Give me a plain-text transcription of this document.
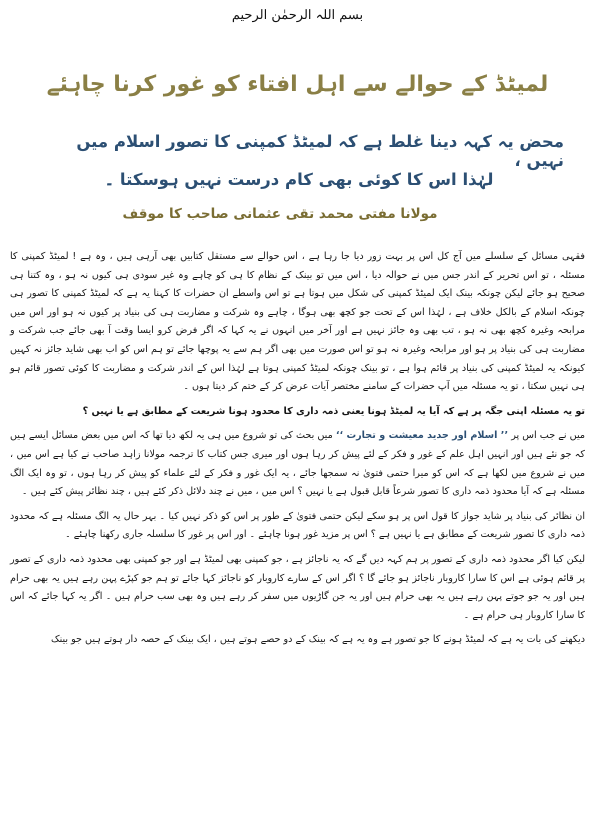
بسم اللہ الرحمٰن الرحیم
لمیٹڈ کے حوالے سے اہل افتاء کو غور کرنا چاہئے
محض یہ کہہ دینا غلط ہے کہ لمیٹڈ کمپنی کا تصور اسلام میں نہیں ،
لہٰذا اس کا کوئی بھی کام درست نہیں ہوسکتا ۔
مولانا مفتی محمد تقی عثمانی صاحب کا موقف

فقہی مسائل کے سلسلے میں آج کل اس پر بہت زور دیا جا رہا ہے ، اس حوالے سے مستقل کتابیں بھی آرہی ہیں ، وہ ہے ! لمیٹڈ کمپنی کا مسئلہ ، تو اس تحریر کے اندر جس میں نے حوالہ دیا ، اس میں تو بینک کے نظام کا ہی کو چاہے وہ غیر سودی ہی کیوں نہ ہو ، وہ کتنا ہی صحیح ہو جائے لیکن چونکہ بینک ایک لمیٹڈ کمپنی کی شکل میں ہوتا ہے تو اس واسطے ان حضرات کا کہنا یہ ہے کہ لمیٹڈ کمپنی کا تصور ہی چونکہ اسلام کے بالکل خلاف ہے ، لہٰذا اس کے تحت جو کچھ بھی ہوگا ، چاہے وہ شرکت و مضاربت ہی کی بنیاد پر کیوں نہ ہو اور اس میں مرابحہ وغیرہ کچھ بھی نہ ہو ، تب بھی وہ جائز نہیں ہے اور آخر میں انہوں نے یہ کہا کہ اگر فرض کرو ایسا وقت آ بھی جائے جب شرکت و مضاربت ہی کی بنیاد پر ہو اور مرابحہ وغیرہ نہ ہو تو اس صورت میں بھی اگر ہم سے یہ پوچھا جائے تو ہم اس کو اب بھی شاید جائز نہ کہیں کیونکہ یہ لمیٹڈ کمپنی کی بنیاد پر قائم ہوا ہے ، تو بینک چونکہ لمیٹڈ کمپنی ہوتا ہے لہٰذا اس کے اندر شرکت و مضاربت کا کوئی تصور قائم ہو ہی نہیں سکتا ، تو یہ مسئلہ میں آپ حضرات کے سامنے مختصر آیات عرض کر کے ختم کر دیتا ہوں ۔

تو یہ مسئلہ اپنی جگہ پر ہے کہ آیا یہ لمیٹڈ ہونا یعنی ذمہ داری کا محدود ہونا شریعت کے مطابق ہے یا نہیں ؟

میں نے جب اس پر ’’ اسلام اور جدید معیشت و تجارت ‘‘ میں بحث کی تو شروع میں ہی یہ لکھ دیا تھا کہ اس میں بعض مسائل ایسے ہیں کہ جو نئے ہیں اور انہیں اہل علم کے غور و فکر کے لئے پیش کر رہا ہوں اور میری جس کتاب کا ترجمہ مولانا زاہد صاحب نے کیا ہے اس میں ، میں نے شروع میں لکھا ہے کہ اس کو میرا حتمی فتویٰ نہ سمجھا جائے ، یہ ایک غور و فکر کے لئے علماء کو پیش کر رہا ہوں ، تو وہ ایک الگ مسئلہ ہے کہ آیا محدود ذمہ داری کا تصور شرعاً قابل قبول ہے یا نہیں ؟ اس میں ، میں نے چند دلائل ذکر کئے ہیں ، چند نظائر پیش کئے ہیں ۔

ان نظائر کی بنیاد پر شاید جواز کا قول اس پر ہو سکے لیکن حتمی فتویٰ کے طور پر اس کو ذکر نہیں کیا ۔ بہر حال یہ الگ مسئلہ ہے کہ محدود ذمہ داری کا تصور شریعت کے مطابق ہے یا نہیں ہے ؟ اس پر مزید غور ہونا چاہئے ۔ اور اس پر غور کا سلسلہ جاری رکھنا چاہئے ۔

لیکن کیا اگر محدود ذمہ داری کے تصور پر ہم کہہ دیں گے کہ یہ ناجائز ہے ، جو کمپنی بھی لمیٹڈ ہے اور جو کمپنی بھی محدود ذمہ داری کے تصور پر قائم ہوئی ہے اس کا سارا کاروبار ناجائز ہو جائے گا ؟ اگر اس کے سارے کاروبار کو ناجائز کہا جائے تو ہم جو کپڑے پہن رہے ہیں یہ بھی حرام ہیں اور یہ جو جوتے پہن رہے ہیں یہ بھی حرام ہیں اور یہ جن گاڑیوں میں سفر کر رہے ہیں وہ بھی سب حرام ہیں ۔ اگر یہ کہا جائے کہ اس کا سارا کاروبار ہی حرام ہے ۔

دیکھنے کی بات یہ ہے کہ لمیٹڈ ہونے کا جو تصور ہے وہ یہ ہے کہ بینک کے دو حصے ہوتے ہیں ، ایک بینک کے حصہ دار ہوتے ہیں جو بینک
